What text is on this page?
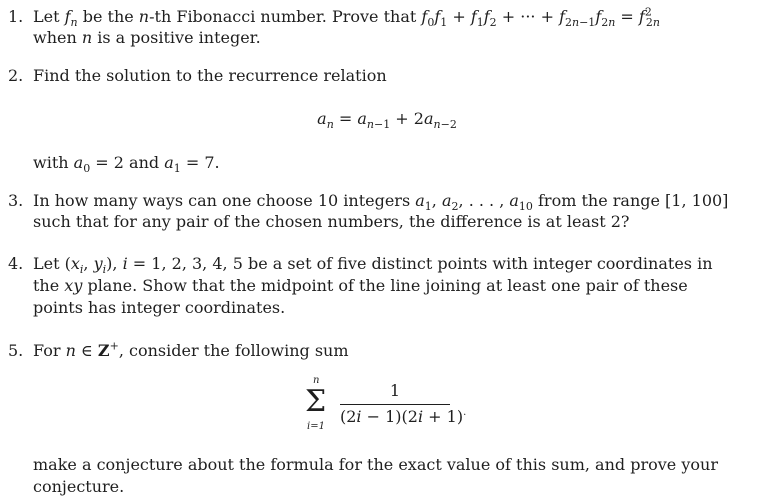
1. Let $f_n$ be the n-th Fibonacci number. Prove that $f_0f_1 + f_1f_2$ + ··· + $f_{2n-1}f_{2n} = f^2_{2n}$
when n is a positive integer.
2. Find the solution to the recurrence relation
$a_n = a_{n-1} + 2a_{n-2}$
with $a_0 = 2$ and $a_1 = 7$.
3. In how many ways can one choose 10 integers $a_1$, $a_2$, . . . , $a_{10}$ from the range [1, 100]
such that for any pair of the chosen numbers, the difference is at least 2?
4. Let ($x_i$, $y_i$), i = 1, 2, 3, 4, 5 be a set of five distinct points with integer coordinates in
the xy plane. Show that the midpoint of the line joining at least one pair of these
points has integer coordinates.
5. For n ∈ Z+, consider the following sum
n
Σ
i=1
1
(2i − 1)(2i + 1).
make a conjecture about the formula for the exact value of this sum, and prove your
conjecture.
